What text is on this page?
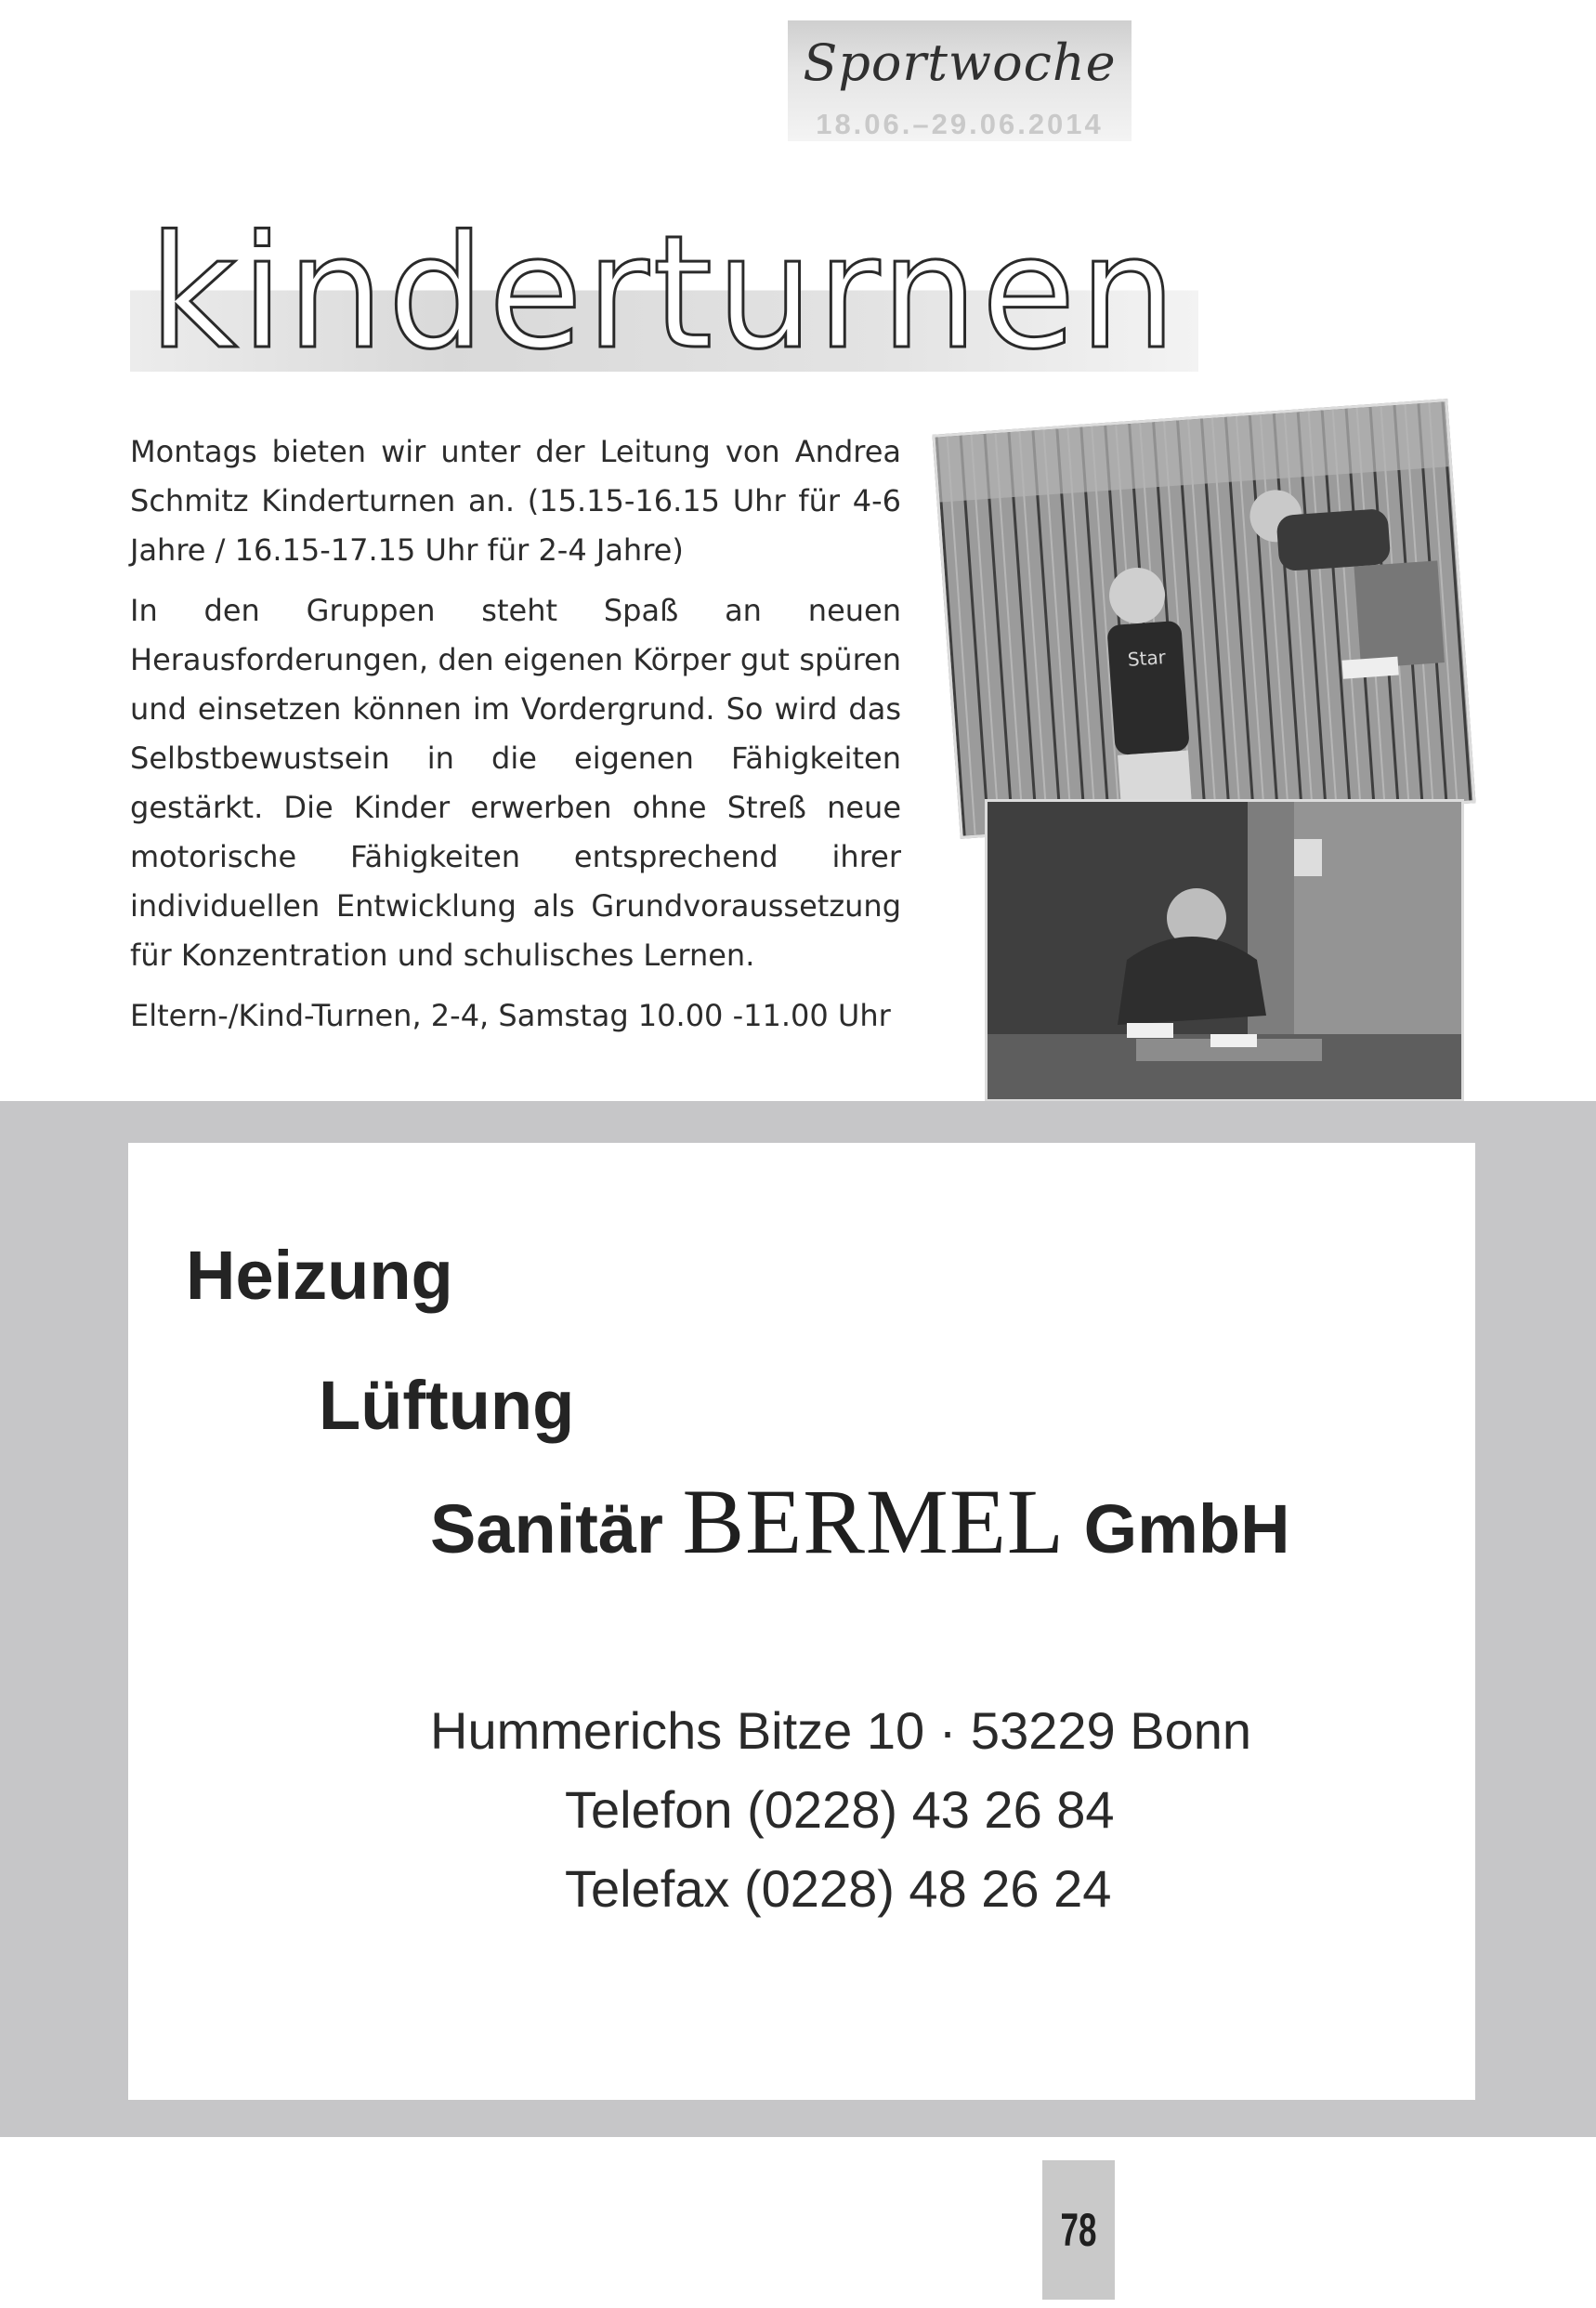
Sportwoche
18.06.–29.06.2014
kinderturnen

Montags bieten wir unter der Leitung von Andrea Schmitz Kinderturnen an. (15.15-16.15 Uhr für 4-6 Jahre / 16.15-17.15 Uhr für 2-4 Jahre)

In den Gruppen steht Spaß an neuen Herausforderungen, den eigenen Körper gut spüren und einsetzen können im Vordergrund. So wird das Selbstbewustsein in die eigenen Fähigkeiten gestärkt. Die Kinder erwerben ohne Streß neue motorische Fähigkeiten entsprechend ihrer individuellen Entwicklung als Grundvoraussetzung für Konzentration und schulisches Lernen.

Eltern-/Kind-Turnen, 2-4, Samstag 10.00 -11.00 Uhr

Star
Heizung
Lüftung
Sanitär BERMEL GmbH
Hummerichs Bitze 10 · 53229 Bonn
Telefon (0228) 43 26 84
Telefax (0228) 48 26 24
78
